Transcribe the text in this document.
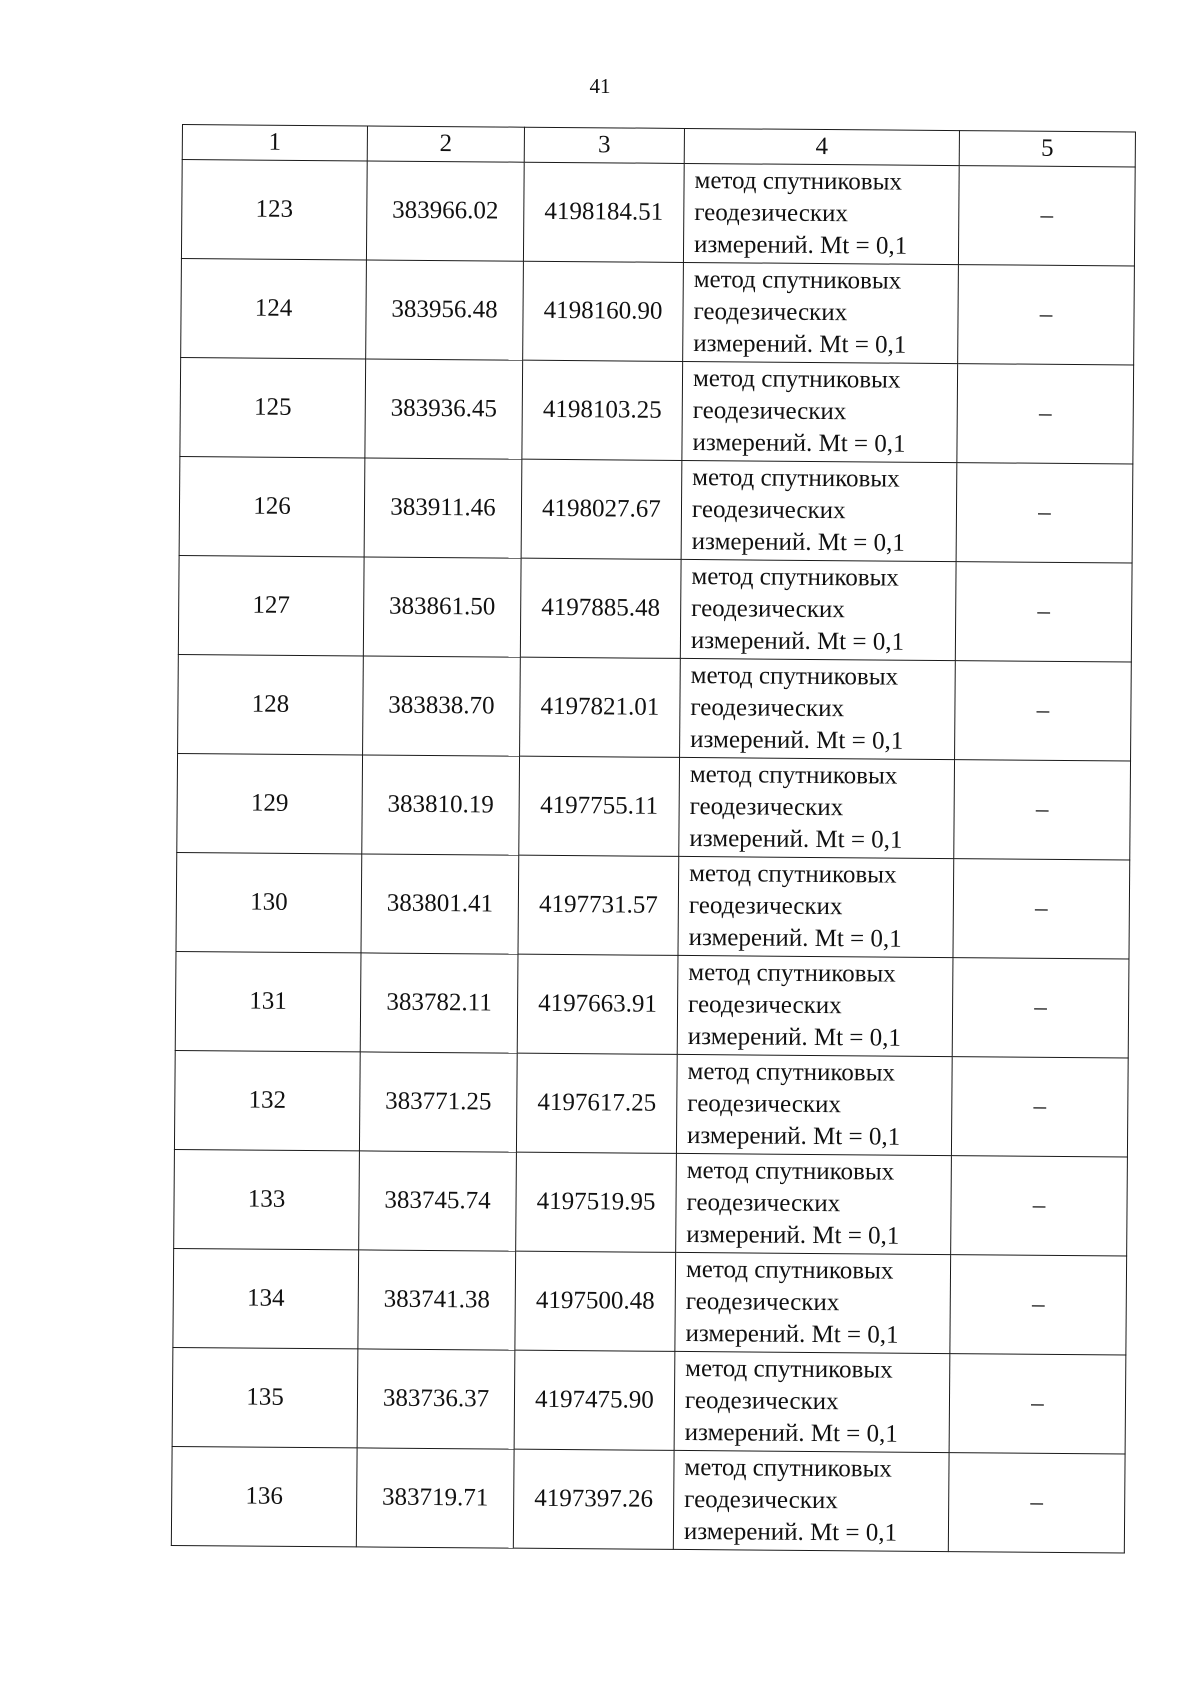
41
1	2	3	4	5
123	383966.02	4198184.51	метод спутниковых
геодезических
измерений. Mt = 0,1	–
124	383956.48	4198160.90	метод спутниковых
геодезических
измерений. Mt = 0,1	–
125	383936.45	4198103.25	метод спутниковых
геодезических
измерений. Mt = 0,1	–
126	383911.46	4198027.67	метод спутниковых
геодезических
измерений. Mt = 0,1	–
127	383861.50	4197885.48	метод спутниковых
геодезических
измерений. Mt = 0,1	–
128	383838.70	4197821.01	метод спутниковых
геодезических
измерений. Mt = 0,1	–
129	383810.19	4197755.11	метод спутниковых
геодезических
измерений. Mt = 0,1	–
130	383801.41	4197731.57	метод спутниковых
геодезических
измерений. Mt = 0,1	–
131	383782.11	4197663.91	метод спутниковых
геодезических
измерений. Mt = 0,1	–
132	383771.25	4197617.25	метод спутниковых
геодезических
измерений. Mt = 0,1	–
133	383745.74	4197519.95	метод спутниковых
геодезических
измерений. Mt = 0,1	–
134	383741.38	4197500.48	метод спутниковых
геодезических
измерений. Mt = 0,1	–
135	383736.37	4197475.90	метод спутниковых
геодезических
измерений. Mt = 0,1	–
136	383719.71	4197397.26	метод спутниковых
геодезических
измерений. Mt = 0,1	–
